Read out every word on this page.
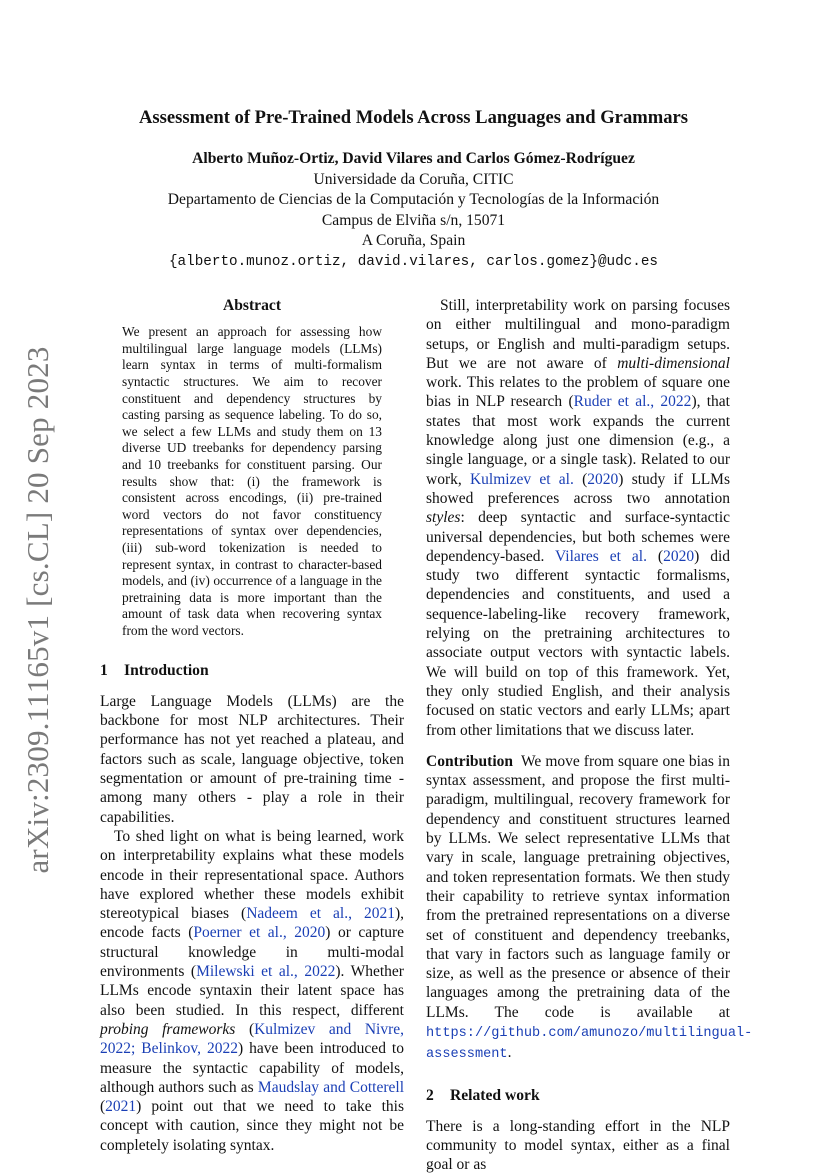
arXiv:2309.11165v1 [cs.CL] 20 Sep 2023
Assessment of Pre-Trained Models Across Languages and Grammars
Alberto Muñoz-Ortiz, David Vilares and Carlos Gómez-Rodríguez
Universidade da Coruña, CITIC
Departamento de Ciencias de la Computación y Tecnologías de la Información
Campus de Elviña s/n, 15071
A Coruña, Spain
{alberto.munoz.ortiz, david.vilares, carlos.gomez}@udc.es
Abstract

We present an approach for assessing how multilingual large language models (LLMs) learn syntax in terms of multi-formalism syntactic structures. We aim to recover constituent and dependency structures by casting parsing as sequence labeling. To do so, we select a few LLMs and study them on 13 diverse UD treebanks for dependency parsing and 10 treebanks for constituent parsing. Our results show that: (i) the framework is consistent across encodings, (ii) pre-trained word vectors do not favor constituency representations of syntax over dependencies, (iii) sub-word tokenization is needed to represent syntax, in contrast to character-based models, and (iv) occurrence of a language in the pretraining data is more important than the amount of task data when recovering syntax from the word vectors.

1 Introduction

Large Language Models (LLMs) are the backbone for most NLP architectures. Their performance has not yet reached a plateau, and factors such as scale, language objective, token segmentation or amount of pre-training time - among many others - play a role in their capabilities.

To shed light on what is being learned, work on interpretability explains what these models encode in their representational space. Authors have explored whether these models exhibit stereotypical biases (Nadeem et al., 2021), encode facts (Poerner et al., 2020) or capture structural knowledge in multi-modal environments (Milewski et al., 2022). Whether LLMs encode syntaxin their latent space has also been studied. In this respect, different probing frameworks (Kulmizev and Nivre, 2022; Belinkov, 2022) have been introduced to measure the syntactic capability of models, although authors such as Maudslay and Cotterell (2021) point out that we need to take this concept with caution, since they might not be completely isolating syntax.

Still, interpretability work on parsing focuses on either multilingual and mono-paradigm setups, or English and multi-paradigm setups. But we are not aware of multi-dimensional work. This relates to the problem of square one bias in NLP research (Ruder et al., 2022), that states that most work expands the current knowledge along just one dimension (e.g., a single language, or a single task). Related to our work, Kulmizev et al. (2020) study if LLMs showed preferences across two annotation styles: deep syntactic and surface-syntactic universal dependencies, but both schemes were dependency-based. Vilares et al. (2020) did study two different syntactic formalisms, dependencies and constituents, and used a sequence-labeling-like recovery framework, relying on the pretraining architectures to associate output vectors with syntactic labels. We will build on top of this framework. Yet, they only studied English, and their analysis focused on static vectors and early LLMs; apart from other limitations that we discuss later.

Contribution We move from square one bias in syntax assessment, and propose the first multi-paradigm, multilingual, recovery framework for dependency and constituent structures learned by LLMs. We select representative LLMs that vary in scale, language pretraining objectives, and token representation formats. We then study their capability to retrieve syntax information from the pretrained representations on a diverse set of constituent and dependency treebanks, that vary in factors such as language family or size, as well as the presence or absence of their languages among the pretraining data of the LLMs. The code is available at https://github.com/amunozo/multilingual-assessment.

2 Related work

There is a long-standing effort in the NLP community to model syntax, either as a final goal or as
